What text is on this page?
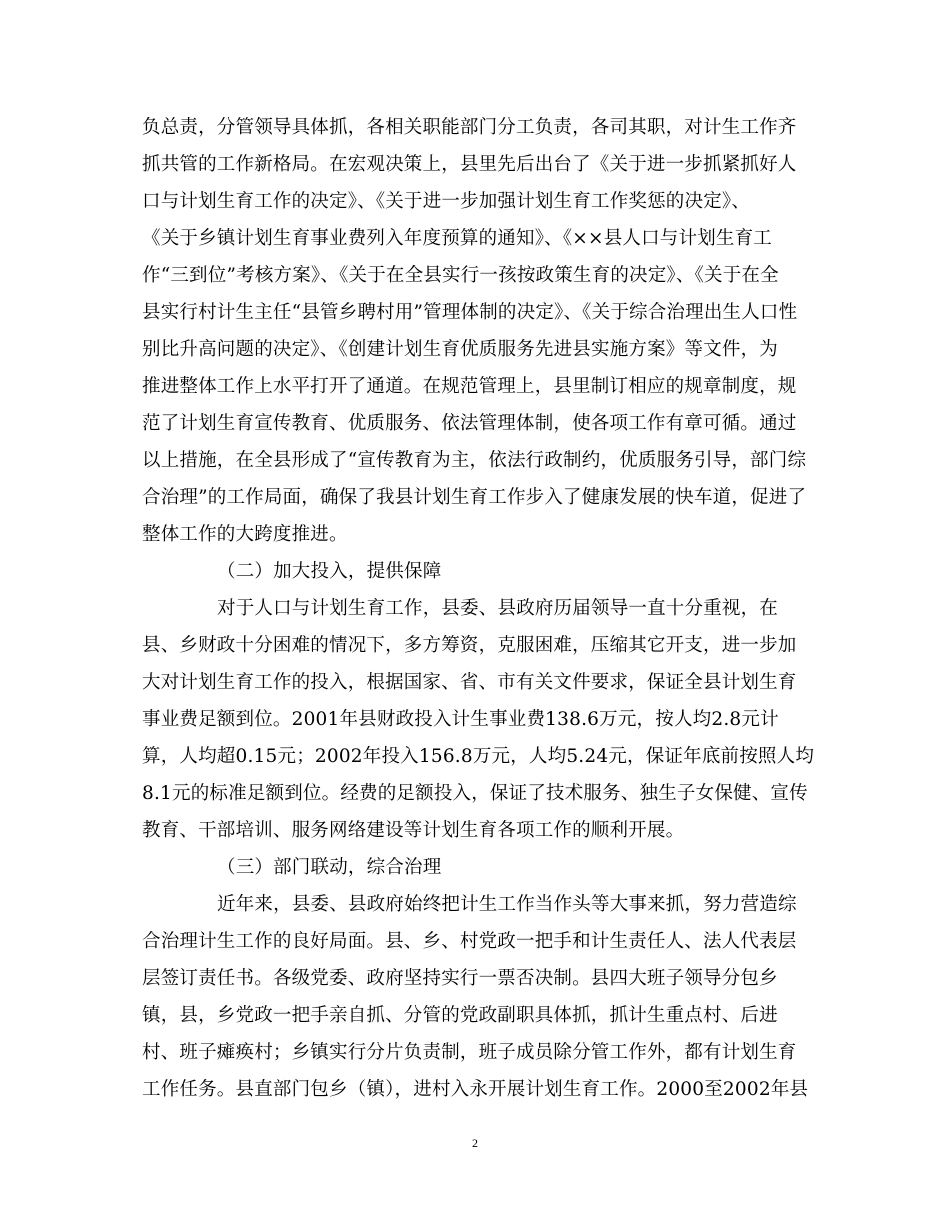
负总责，分管领导具体抓，各相关职能部门分工负责，各司其职，对计生工作齐
抓共管的工作新格局。在宏观决策上，县里先后出台了《关于进一步抓紧抓好人
口与计划生育工作的决定》、《关于进一步加强计划生育工作奖惩的决定》、
《关于乡镇计划生育事业费列入年度预算的通知》、《××县人口与计划生育工
作“三到位”考核方案》、《关于在全县实行一孩按政策生育的决定》、《关于在全
县实行村计生主任“县管乡聘村用”管理体制的决定》、《关于综合治理出生人口性
别比升高问题的决定》、《创建计划生育优质服务先进县实施方案》等文件，为
推进整体工作上水平打开了通道。在规范管理上，县里制订相应的规章制度，规
范了计划生育宣传教育、优质服务、依法管理体制，使各项工作有章可循。通过
以上措施，在全县形成了“宣传教育为主，依法行政制约，优质服务引导，部门综
合治理”的工作局面，确保了我县计划生育工作步入了健康发展的快车道，促进了
整体工作的大跨度推进。
（二）加大投入，提供保障
对于人口与计划生育工作，县委、县政府历届领导一直十分重视，在
县、乡财政十分困难的情况下，多方筹资，克服困难，压缩其它开支，进一步加
大对计划生育工作的投入，根据国家、省、市有关文件要求，保证全县计划生育
事业费足额到位。2001年县财政投入计生事业费138.6万元，按人均2.8元计
算，人均超0.15元；2002年投入156.8万元，人均5.24元，保证年底前按照人均
8.1元的标准足额到位。经费的足额投入，保证了技术服务、独生子女保健、宣传
教育、干部培训、服务网络建设等计划生育各项工作的顺利开展。
（三）部门联动，综合治理
近年来，县委、县政府始终把计生工作当作头等大事来抓，努力营造综
合治理计生工作的良好局面。县、乡、村党政一把手和计生责任人、法人代表层
层签订责任书。各级党委、政府坚持实行一票否决制。县四大班子领导分包乡
镇，县，乡党政一把手亲自抓、分管的党政副职具体抓，抓计生重点村、后进
村、班子瘫痪村；乡镇实行分片负责制，班子成员除分管工作外，都有计划生育
工作任务。县直部门包乡（镇），进村入永开展计划生育工作。2000至2002年县
2
